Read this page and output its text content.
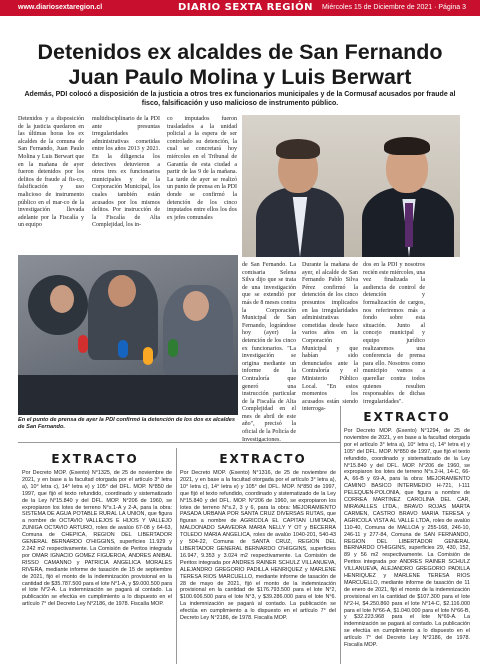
www.diariosextaregion.cl	DIARIO SEXTA REGIÓN Miércoles 15 de Diciembre de 2021 · Página 3
Detenidos ex alcaldes de San Fernando
Juan Paulo Molina y Luis Berwart

Además, PDI colocó a disposición de la justicia a otros tres ex funcionarios municipales y de la Cormusaf acusados por fraude al fisco, falsificación y uso malicioso de instrumento público.

Detenidos y a disposición de la justicia quedaron en las últimas horas los ex alcaldes de la comuna de San Fernando, Juan Paulo Molina y Luis Berwart que en la mañana de ayer fueron detenidos por los delitos de fraude al fis-co, falsificación y uso malicioso de instrumento público en el mar-co de la investigación llevada adelante por la Fiscalía y un equipo

multidisciplinario de la PDI ante presuntas irregularidades administrativas cometidas entre los años 2013 y 2021. En la diligencia los detectives detuvieron a otros tres ex funcionarios municipales y de la Corporación Municipal, los cuales también están acusados por los mismos delitos. Por instrucción de la Fiscalía de Alta Complejidad, los in-

co imputados fueron trasladados a la unidad policial a la espera de ser controlado su detención, la cual se concretará hoy miércoles en el Tribunal de Garantía de esta ciudad a partir de las 9 de la mañana. La tarde de ayer se realizó un punto de prensa en la PDI donde se confirmó la detención de los cinco imputados entre ellos los dos ex jefes comunales

de San Fernando. La comisaria Selena Silva dijo que se trata de una investigación que se extendió por más de 8 meses contra la Corporación Municipal de San Fernando, lográndose hoy (ayer) la detención de los cinco ex funcionarios. "La investigación se origina mediante un informe de la Contraloría que generó una instrucción particular de la Fiscalía de Alta Complejidad en el mes de abril de este año", precisó la oficial de la Policía de Investigaciones.

Durante la mañana de ayer, el alcalde de San Fernando Pablo Silva Pérez confirmó la detención de los cinco presuntos implicados en las irregularidades administrativas cometidas desde hace varios años en la Corporación Municipal y que habían sido denunciados ante la Contraloría y el Ministerio Público Local. "En estos momentos los acusados están siendo interroga-

dos en la PDI y nosotros recién este miércoles, una vez finalizada la audiencia de control de detención y formalización de cargos, nos referiremos más a fondo sobre esta situación. Junto al concejo municipal y equipo jurídico realizaremos una conferencia de prensa para ello. Nosotros como municipio vamos a querellar contra todos quienes resulten responsables de dichas irregularidades".

En el punto de prensa de ayer la PDI confirmó la detención de los dos ex alcaldes de San Fernando.

EXTRACTO
Por Decreto MOP. (Exento) N°1294, de 25 de noviembre de 2021, y en base a la facultad otorgada por el artículo 3° letra a), 10° letra c), 14° letra e) y 105° del DFL. MOP. N°850 de 1997, que fijó el texto refundido, coordinado y sistematizado de la Ley N°15.840 y del DFL. MOP. N°206 de 1960, se expropiaron los lotes de terreno N°s.2-H, 14-C, 66-A, 66-B y 69-A, para la obra: MEJORAMIENTO CAMINO BASICO INTERMEDIO H-721, I-111 PELEQUEN-POLONIA, que figura a nombre de CORREA MARTINEZ CAROLINA DEL CAR, MIRAVALLES LTDA., BRAVO ROJAS MARTA CARMEN, CASTRO BRAVO MARIA TERESA y AGRICOLA VISTA AL VALLE LTDA, roles de avalúo 110-40, Comuna de MALLOA y 255-168, 246-10, 246-11 y 277-84, Comuna de SAN FERNANDO, REGION DEL LIBERTADOR GENERAL BERNARDO O'HIGGINS, superficies 29, 430, 152, 89 y 56 m2 respectivamente. La Comisión de Peritos integrada por ANDRES RAINER SCHULZ VILLANUEVA, ALEJANDRO GREGORIO PADILLA HENRIQUEZ y MARLENE TERESA RIOS MARCUELLO, mediante informe de tasación de 11 de enero de 2021, fijó el monto de la indemnización provisional en la cantidad de $107.300 para el lote N°2-H, $4.250.860 para el lote N°14-C, $2.116.000 para el lote N°66-A, $1.040.000 para el lote N°66-B, y $32.223.968 para el lote N°69-A. La indemnización se pagará al contado. La publicación se efectúa en cumplimiento a lo dispuesto en el artículo 7° del Decreto Ley N°2186, de 1978. Fiscalía MOP.
EXTRACTO	EXTRACTO
Por Decreto MOP. (Exento) N°1325, de 25 de noviembre de 2021, y en base a la facultad otorgada por el artículo 3° letra a), 10° letra c), 14° letra e) y 105° del DFL. MOP. N°850 de 1997, que fijó el texto refundido, coordinado y sistematizado de la Ley N°15.840 y del DFL. MOP. N°206 de 1960, se expropiaron los lotes de terreno N°s.1-A y 2-A, para la obra: SISTEMA DE AGUA POTABLE RURAL LA UNION, que figura a nombre de OCTAVIO VALLEJOS E HIJOS Y VALLEJO ZUNIGA OCTAVIO ARTURO, roles de avalúo 67-08 y 64-63, Comuna de CHEPICA, REGION DEL LIBERTADOR GENERAL BERNARDO O'HIGGINS, superficies 11.929 y 2.242 m2 respectivamente. La Comisión de Peritos integrada por OMAR IGNACIO GOMEZ FIGUEROA, ANDRES ANIBAL RISSO CAMANNO y PATRICIA ANGELICA MORALES RIVERA, mediante informe de tasación de 15 de septiembre de 2021, fijó el monto de la indemnización provisional en la cantidad de $35.787.500 para el lote N°1-A, y $9.000.500 para el lote N°2-A. La indemnización se pagará al contado. La publicación se efectúa en cumplimiento a lo dispuesto en el artículo 7° del Decreto Ley N°2186, de 1978. Fiscalía MOP.
Por Decreto MOP. (Exento) N°1316, de 25 de noviembre de 2021, y en base a la facultad otorgada por el artículo 3° letra a), 10° letra c), 14° letra e) y 105° del DFL. MOP. N°850 de 1997, que fijó el texto refundido, coordinado y sistematizado de la Ley N°15.840 y del DFL. MOP. N°206 de 1960, se expropiaron los lotes de terreno N°s.2, 3 y 6, para la obra: MEJORAMIENTO PASADA URBANA POR SANTA CRUZ DIVERSAS RUTAS, que figuran a nombre de AGRICOLA EL CAPITAN LIMITADA, MALDONADO SAAVEDRA MARIA NELLY Y OT y BECERRA TOLEDO MARIA ANGELICA, roles de avalúo 1040-201, 540-43 y 504-22, Comuna de SANTA CRUZ, REGION DEL LIBERTADOR GENERAL BERNARDO O'HIGGINS, superficies 16.947, 9.353 y 3.024 m2 respectivamente. La Comisión de Peritos integrada por ANDRES RAINER SCHULZ VILLANUEVA, ALEJANDRO GREGORIO PADILLA HENRIQUEZ y MARLENE TERESA RIOS MARCUELLO, mediante informe de tasación de 28 de mayo de 2021, fijó el monto de la indemnización provisional en la cantidad de $176.793.500 para el lote N°2, $100.606.500 para el lote N°3, y $39.286.000 para el lote N°6. La indemnización se pagará al contado. La publicación se efectúa en cumplimiento a lo dispuesto en el artículo 7° del Decreto Ley N°2186, de 1978. Fiscalía MOP.
